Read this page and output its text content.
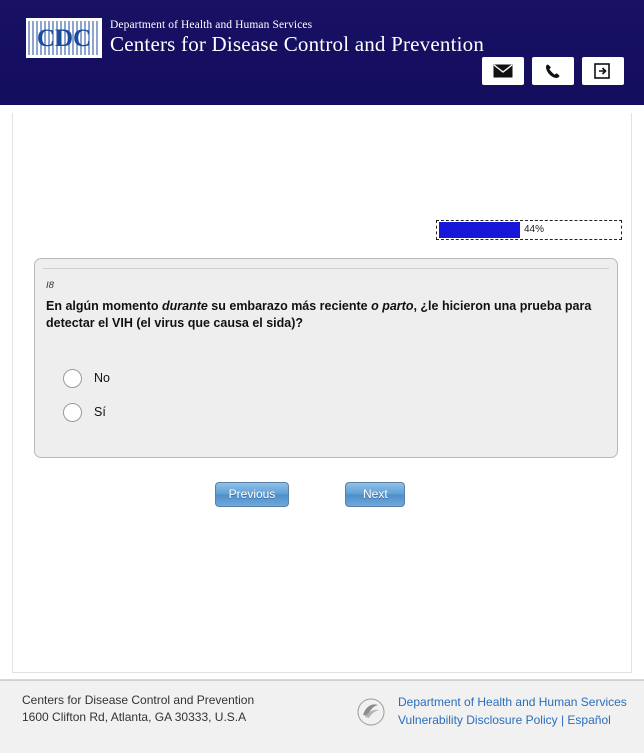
CDC Department of Health and Human Services
Centers for Disease Control and Prevention
44%
I8
En algún momento durante su embarazo más reciente o parto, ¿le hicieron una prueba para detectar el VIH (el virus que causa el sida)?
No
Sí
Previous	Next
Centers for Disease Control and Prevention
1600 Clifton Rd, Atlanta, GA 30333, U.S.A
Department of Health and Human Services
Vulnerability Disclosure Policy | Español
